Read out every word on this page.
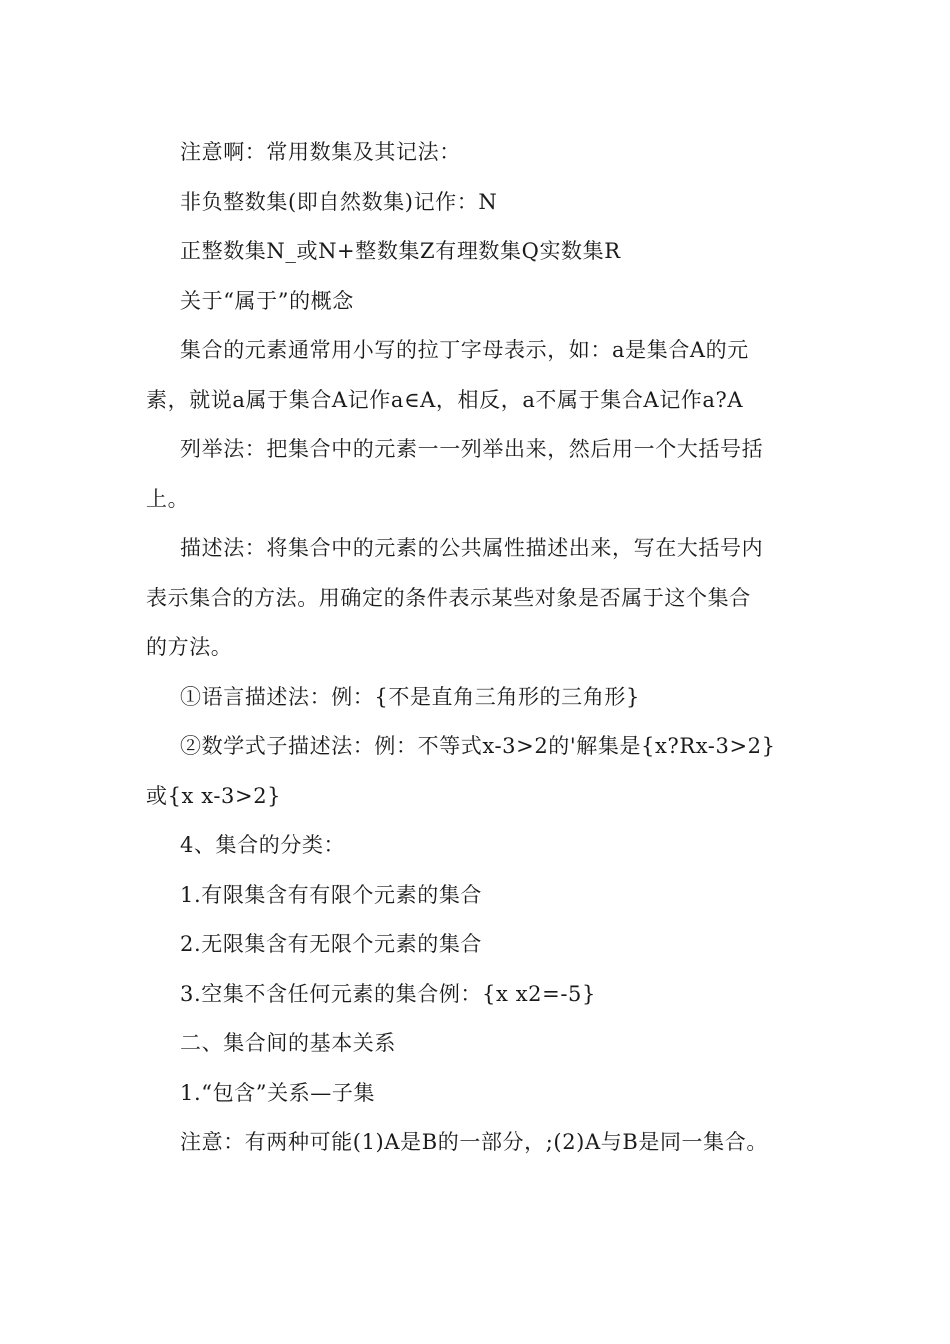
注意啊：常用数集及其记法：
非负整数集(即自然数集)记作：N
正整数集N_或N+整数集Z有理数集Q实数集R
关于“属于”的概念
集合的元素通常用小写的拉丁字母表示，如：a是集合A的元
素，就说a属于集合A记作a∈A，相反，a不属于集合A记作a?A
列举法：把集合中的元素一一列举出来，然后用一个大括号括
上。
描述法：将集合中的元素的公共属性描述出来，写在大括号内
表示集合的方法。用确定的条件表示某些对象是否属于这个集合
的方法。
①语言描述法：例：{不是直角三角形的三角形}
②数学式子描述法：例：不等式x-3>2的'解集是{x?Rx-3>2}
或{x x-3>2}
4、集合的分类：
1.有限集含有有限个元素的集合
2.无限集含有无限个元素的集合
3.空集不含任何元素的集合例：{x x2=-5}
二、集合间的基本关系
1.“包含”关系—子集
注意：有两种可能(1)A是B的一部分，;(2)A与B是同一集合。
